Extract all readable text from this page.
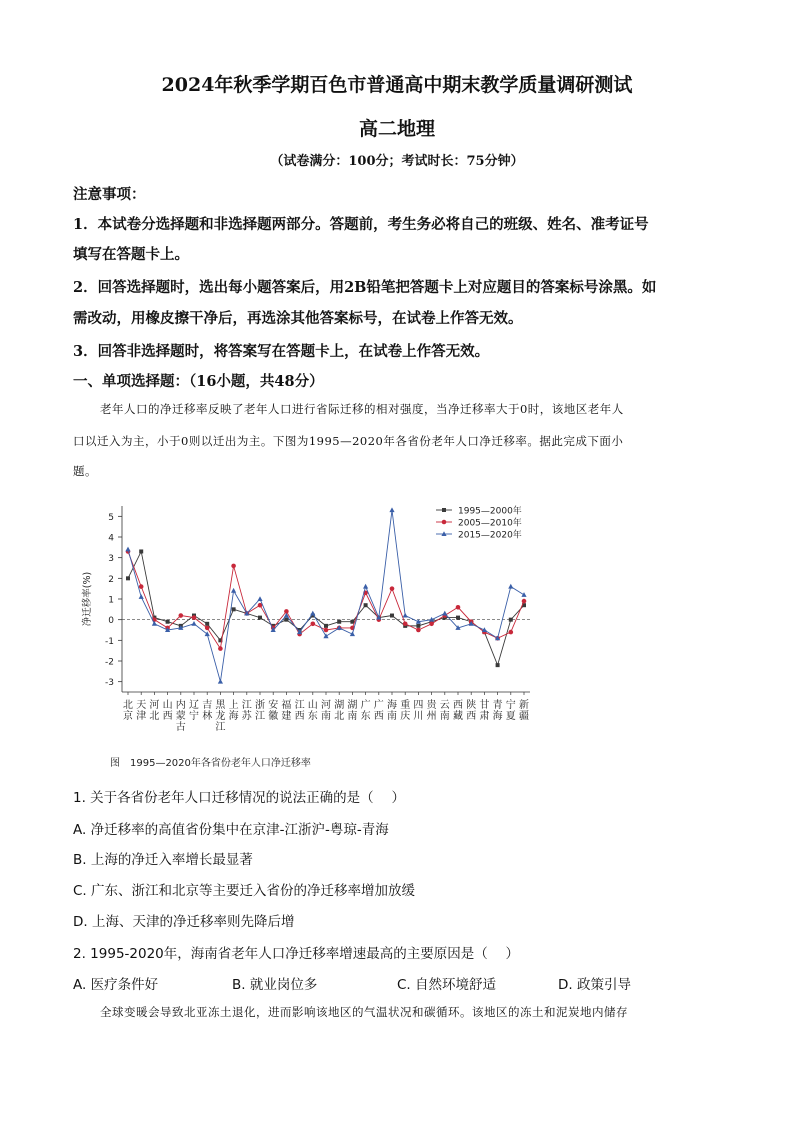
2024年秋季学期百色市普通高中期末教学质量调研测试
高二地理
（试卷满分：100分；考试时长：75分钟）
注意事项：
1．本试卷分选择题和非选择题两部分。答题前，考生务必将自己的班级、姓名、准考证号
填写在答题卡上。
2．回答选择题时，选出每小题答案后，用2B铅笔把答题卡上对应题目的答案标号涂黑。如
需改动，用橡皮擦干净后，再选涂其他答案标号，在试卷上作答无效。
3．回答非选择题时，将答案写在答题卡上，在试卷上作答无效。
一、单项选择题：（16小题，共48分）
老年人口的净迁移率反映了老年人口进行省际迁移的相对强度，当净迁移率大于0时，该地区老年人
口以迁入为主，小于0则以迁出为主。下图为1995—2020年各省份老年人口净迁移率。据此完成下面小
题。
-3
-2
-1
0
1
2
3
4
5
净迁移率(%)
北
京
天
津
河
北
山
西
内
蒙
古
辽
宁
吉
林
黑
龙
江
上
海
江
苏
浙
江
安
徽
福
建
江
西
山
东
河
南
湖
北
湖
南
广
东
广
西
海
南
重
庆
四
川
贵
州
云
南
西
藏
陕
西
甘
肃
青
海
宁
夏
新
疆
1995—2000年
2005—2010年
2015—2020年
图　1995—2020年各省份老年人口净迁移率
1. 关于各省份老年人口迁移情况的说法正确的是（　 ）
A. 净迁移率的高值省份集中在京津-江浙沪-粤琼-青海
B. 上海的净迁入率增长最显著
C. 广东、浙江和北京等主要迁入省份的净迁移率增加放缓
D. 上海、天津的净迁移率则先降后增
2. 1995-2020年，海南省老年人口净迁移率增速最高的主要原因是（　 ）
A. 医疗条件好	B. 就业岗位多	C. 自然环境舒适	D. 政策引导
全球变暖会导致北亚冻土退化，进而影响该地区的气温状况和碳循环。该地区的冻土和泥炭地内储存
